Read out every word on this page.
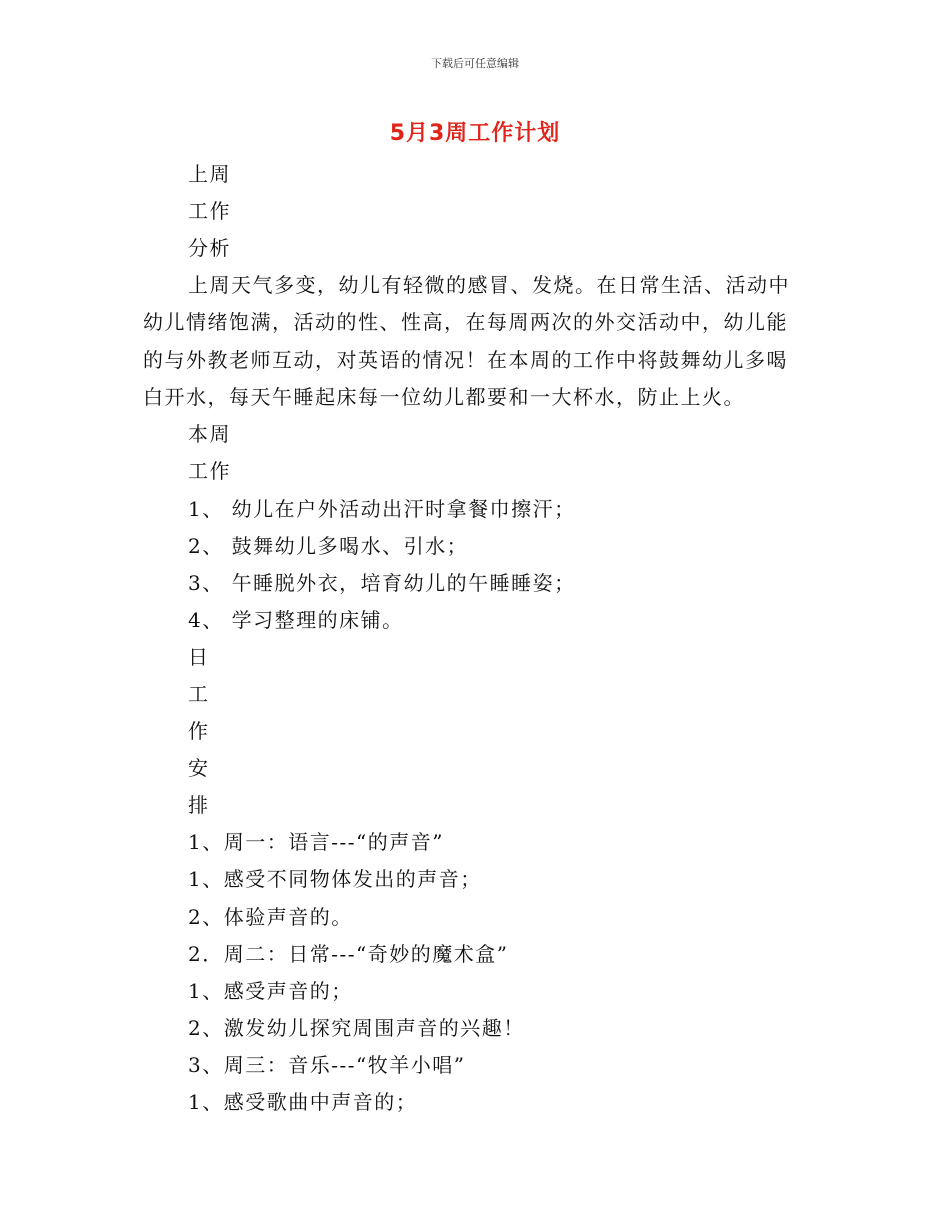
下载后可任意编辑
5月3周工作计划
上周
工作
分析
上周天气多变，幼儿有轻微的感冒、发烧。在日常生活、活动中
幼儿情绪饱满，活动的性、性高，在每周两次的外交活动中，幼儿能
的与外教老师互动，对英语的情况！在本周的工作中将鼓舞幼儿多喝
白开水，每天午睡起床每一位幼儿都要和一大杯水，防止上火。
本周
工作
1、 幼儿在户外活动出汗时拿餐巾擦汗；
2、 鼓舞幼儿多喝水、引水；
3、 午睡脱外衣，培育幼儿的午睡睡姿；
4、 学习整理的床铺。
日
工
作
安
排
1、周一：语言---“的声音”
1、感受不同物体发出的声音；
2、体验声音的。
2．周二：日常---“奇妙的魔术盒”
1、感受声音的；
2、激发幼儿探究周围声音的兴趣！
3、周三：音乐---“牧羊小唱”
1、感受歌曲中声音的；
